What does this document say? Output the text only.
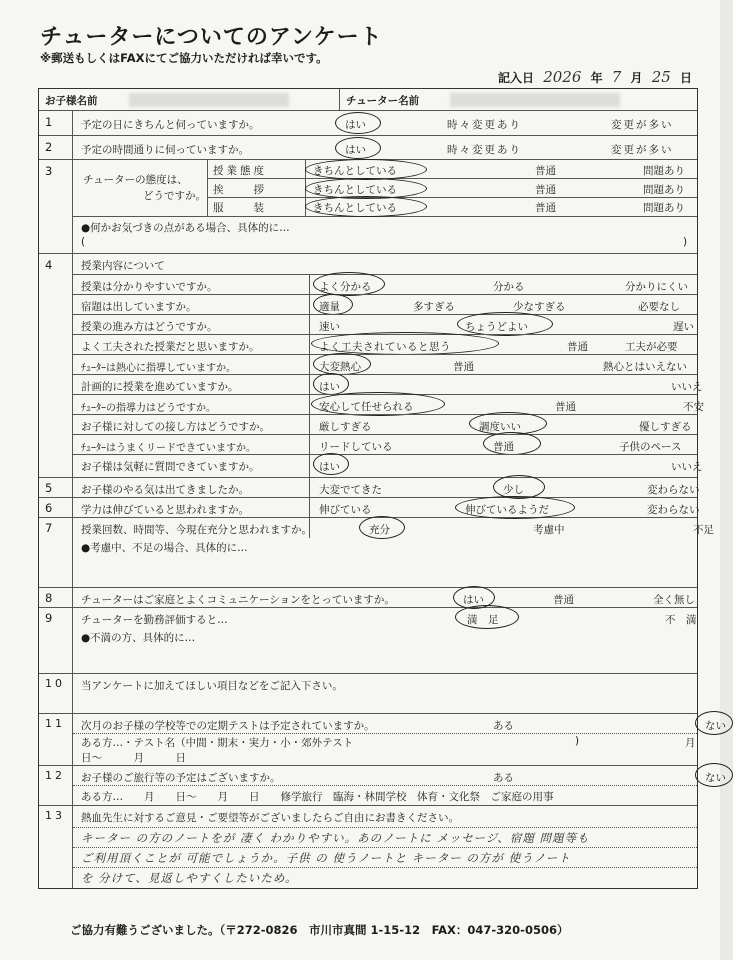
チューターについてのアンケート
※郵送もしくはFAXにてご協力いただければ幸いです。
記入日 2026 年 7 月 25 日
お子様名前	チューター名前
1	予定の日にきちんと伺っていますか。	はい	時々変更あり	変更が多い
2	予定の時間通りに伺っていますか。	はい	時々変更あり	変更が多い
3
チューターの態度は、
どうですか。
授業態度	きちんとしている	普通	問題あり
挨　　拶	きちんとしている	普通	問題あり
服　　装	きちんとしている	普通	問題あり
●何かお気づきの点がある場合、具体的に…
(	)
4	授業内容について
授業は分かりやすいですか。	よく分かる	分かる	分かりにくい
宿題は出していますか。	適量	多すぎる	少なすぎる	必要なし
授業の進み方はどうですか。	速い	ちょうどよい	遅い
よく工夫された授業だと思いますか。	よく工夫されていると思う	普通	工夫が必要
ﾁｭｰﾀｰは熱心に指導していますか。	大変熱心	普通	熱心とはいえない
計画的に授業を進めていますか。	はい	いいえ
ﾁｭｰﾀｰの指導力はどうですか。	安心して任せられる	普通	不安
お子様に対しての接し方はどうですか。	厳しすぎる	調度いい	優しすぎる
ﾁｭｰﾀｰはうまくリードできていますか。	リードしている	普通	子供のペース
お子様は気軽に質問できていますか。	はい	いいえ
5	お子様のやる気は出てきましたか。	大変でてきた	少し	変わらない
6	学力は伸びていると思われますか。	伸びている	伸びているようだ	変わらない
7	授業回数、時間等、今現在充分と思われますか。	充分	考慮中	不足
●考慮中、不足の場合、具体的に…
8	チューターはご家庭とよくコミュニケーションをとっていますか。	はい	普通	全く無し
9	チューターを勤務評価すると…	満　足	不　満
●不満の方、具体的に…
10	当アンケートに加えてほしい項目などをご記入下さい。
11	次月のお子様の学校等での定期テストは予定されていますか。	ある	ない
ある方…・テスト名（中間・期末・実力・小・郊外テスト	)	月
日～　　　月　　　日
12	お子様のご旅行等の予定はございますか。	ある	ない
ある方…　　月　　日～　　月　　日　　修学旅行　臨海・林間学校　体育・文化祭　ご家庭の用事
13	熱血先生に対するご意見・ご要望等がございましたらご自由にお書きください。
キーター の方のノートをが 凄く わかりやすい。あのノートに メッセージ、宿題 問題等も
ご利用頂くことが 可能でしょうか。子供 の 使うノートと キーター の方が 使うノート
を 分けて、見返しやすくしたいため。
ご協力有難うございました。（〒272-0826　市川市真間 1-15-12　FAX：047-320-0506）
